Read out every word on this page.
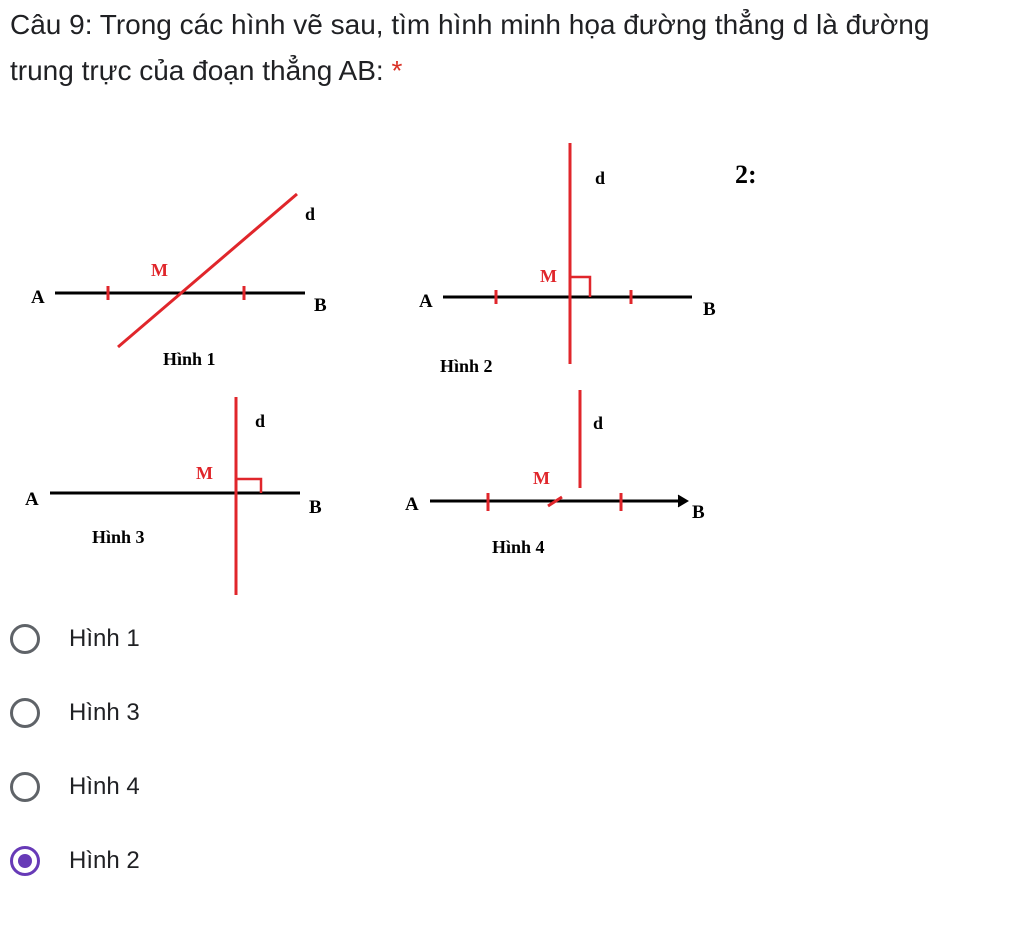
Câu 9: Trong các hình vẽ sau, tìm hình minh họa đường thẳng d là đường
trung trực của đoạn thẳng AB: *
A	B
M
d
Hình 1
A	B
M
d
Hình 2
2:
A	B
M
d
Hình 3
A	B
M
d
Hình 4
Hình 1
Hình 3
Hình 4
Hình 2
